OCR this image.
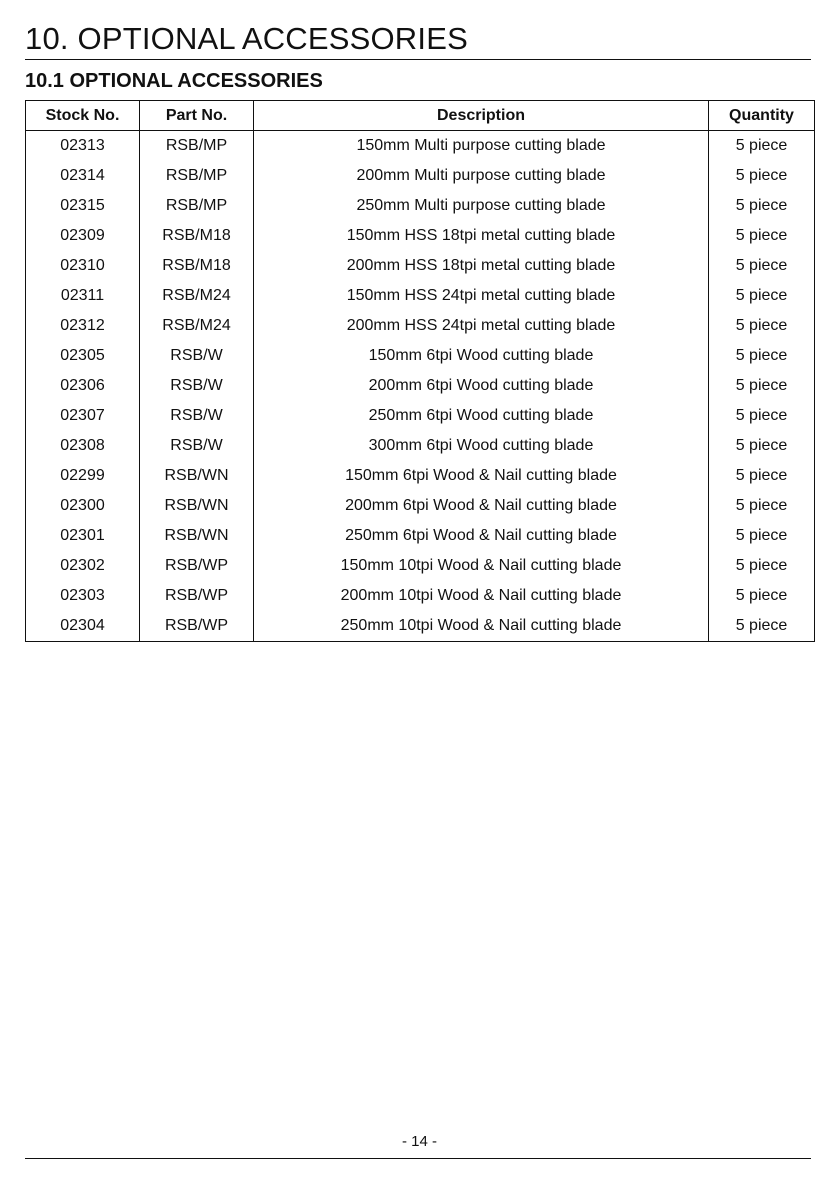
10. OPTIONAL ACCESSORIES
10.1 OPTIONAL ACCESSORIES
Stock No.	Part No.	Description	Quantity
02313	RSB/MP	150mm Multi purpose cutting blade	5 piece
02314	RSB/MP	200mm Multi purpose cutting blade	5 piece
02315	RSB/MP	250mm Multi purpose cutting blade	5 piece
02309	RSB/M18	150mm HSS 18tpi metal cutting blade	5 piece
02310	RSB/M18	200mm HSS 18tpi metal cutting blade	5 piece
02311	RSB/M24	150mm HSS 24tpi metal cutting blade	5 piece
02312	RSB/M24	200mm HSS 24tpi metal cutting blade	5 piece
02305	RSB/W	150mm 6tpi Wood cutting blade	5 piece
02306	RSB/W	200mm 6tpi Wood cutting blade	5 piece
02307	RSB/W	250mm 6tpi Wood cutting blade	5 piece
02308	RSB/W	300mm 6tpi Wood cutting blade	5 piece
02299	RSB/WN	150mm 6tpi Wood & Nail cutting blade	5 piece
02300	RSB/WN	200mm 6tpi Wood & Nail cutting blade	5 piece
02301	RSB/WN	250mm 6tpi Wood & Nail cutting blade	5 piece
02302	RSB/WP	150mm 10tpi Wood & Nail cutting blade	5 piece
02303	RSB/WP	200mm 10tpi Wood & Nail cutting blade	5 piece
02304	RSB/WP	250mm 10tpi Wood & Nail cutting blade	5 piece
- 14 -
